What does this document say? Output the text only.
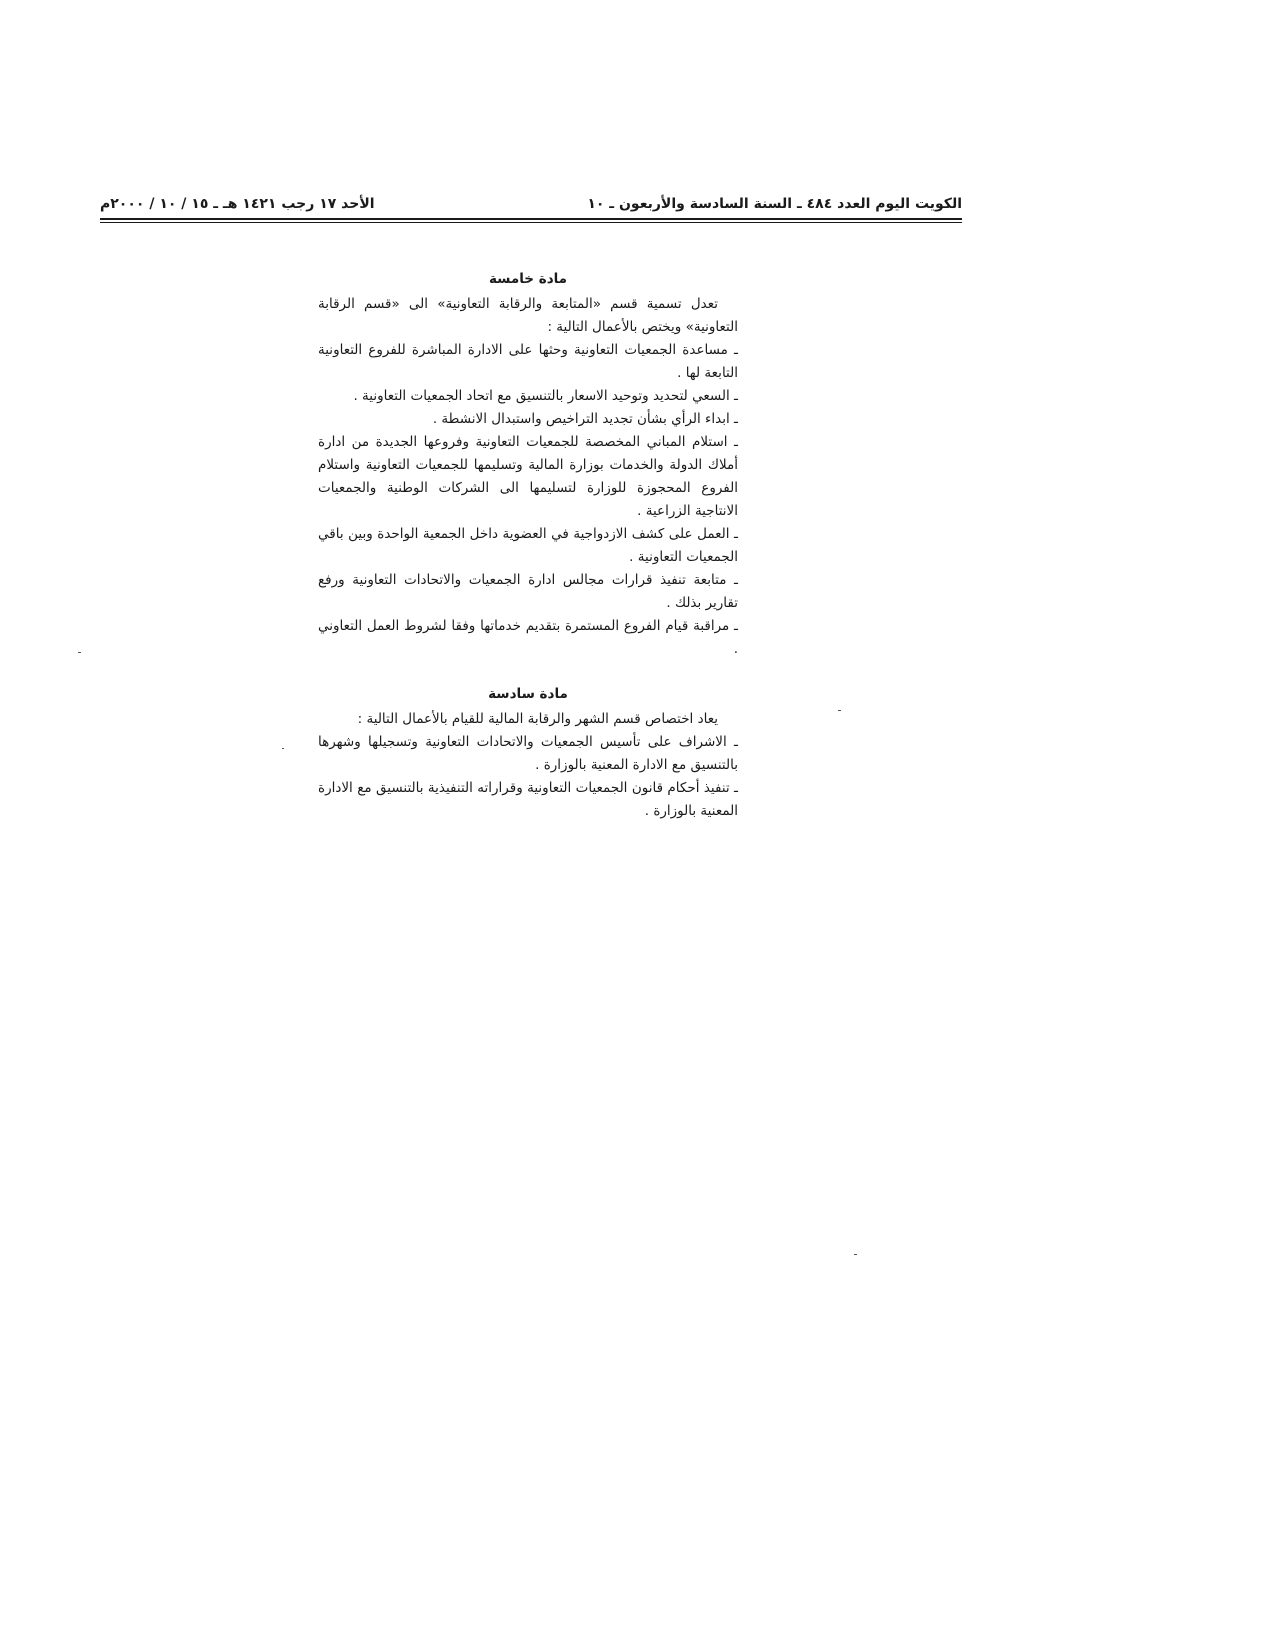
الكويت اليوم العدد ٤٨٤ ـ السنة السادسة والأربعون ـ ١٠
الأحد ١٧ رجب ١٤٢١ هـ ـ ١٥ / ١٠ / ٢٠٠٠م

مادة خامسة

تعدل تسمية قسم «المتابعة والرقابة التعاونية» الى «قسم الرقابة التعاونية» ويختص بالأعمال التالية :

ـ مساعدة الجمعيات التعاونية وحثها على الادارة المباشرة للفروع التعاونية التابعة لها .

ـ السعي لتحديد وتوحيد الاسعار بالتنسيق مع اتحاد الجمعيات التعاونية .

ـ ابداء الرأي بشأن تجديد التراخيص واستبدال الانشطة .

ـ استلام المباني المخصصة للجمعيات التعاونية وفروعها الجديدة من ادارة أملاك الدولة والخدمات بوزارة المالية وتسليمها للجمعيات التعاونية واستلام الفروع المحجوزة للوزارة لتسليمها الى الشركات الوطنية والجمعيات الانتاجية الزراعية .

ـ العمل على كشف الازدواجية في العضوية داخل الجمعية الواحدة وبين باقي الجمعيات التعاونية .

ـ متابعة تنفيذ قرارات مجالس ادارة الجمعيات والاتحادات التعاونية ورفع تقارير بذلك .

ـ مراقبة قيام الفروع المستمرة بتقديم خدماتها وفقا لشروط العمل التعاوني .

مادة سادسة

يعاد اختصاص قسم الشهر والرقابة المالية للقيام بالأعمال التالية :

ـ الاشراف على تأسيس الجمعيات والاتحادات التعاونية وتسجيلها وشهرها بالتنسيق مع الادارة المعنية بالوزارة .

ـ تنفيذ أحكام قانون الجمعيات التعاونية وقراراته التنفيذية بالتنسيق مع الادارة المعنية بالوزارة .
